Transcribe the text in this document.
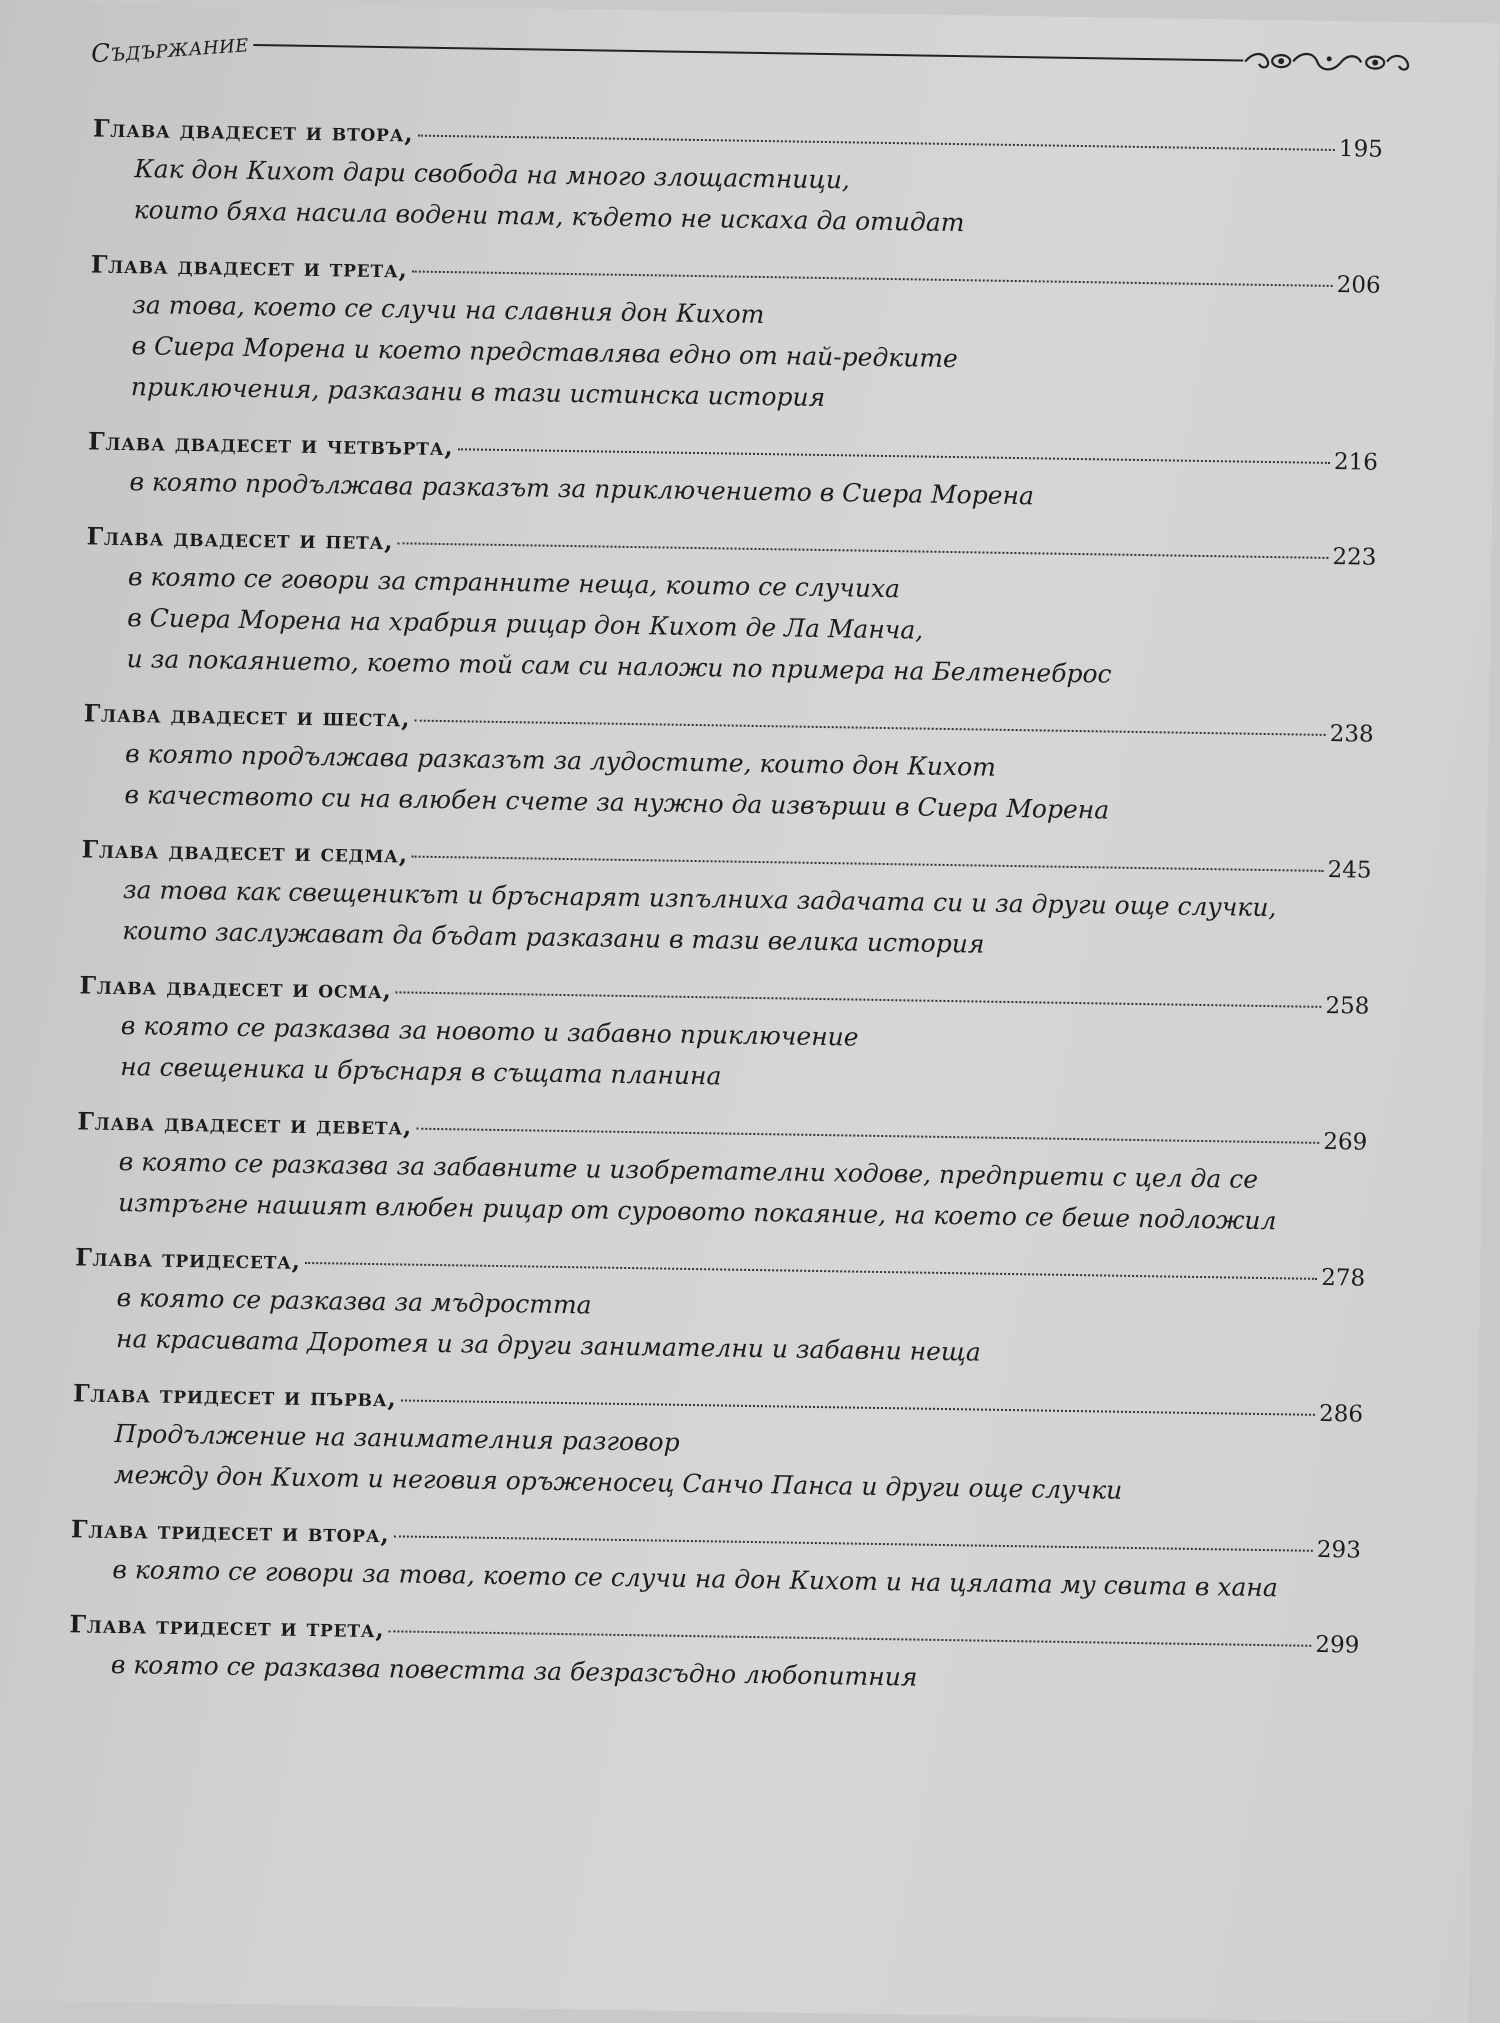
Съдържание
Глава двадесет и втора,
195
Как дон Кихот дари свобода на много злощастници,
които бяха насила водени там, където не искаха да отидат
Глава двадесет и трета,
206
за това, което се случи на славния дон Кихот
в Сиера Морена и което представлява едно от най-редките
приключения, разказани в тази истинска история
Глава двадесет и четвърта,
216
в която продължава разказът за приключението в Сиера Морена
Глава двадесет и пета,
223
в която се говори за странните неща, които се случиха
в Сиера Морена на храбрия рицар дон Кихот де Ла Манча,
и за покаянието, което той сам си наложи по примера на Белтенеброс
Глава двадесет и шеста,
238
в която продължава разказът за лудостите, които дон Кихот
в качеството си на влюбен счете за нужно да извърши в Сиера Морена
Глава двадесет и седма,
245
за това как свещеникът и бръснарят изпълниха задачата си и за други още случки,
които заслужават да бъдат разказани в тази велика история
Глава двадесет и осма,
258
в която се разказва за новото и забавно приключение
на свещеника и бръснаря в същата планина
Глава двадесет и девета,
269
в която се разказва за забавните и изобретателни ходове, предприети с цел да се
изтръгне нашият влюбен рицар от суровото покаяние, на което се беше подложил
Глава тридесета,
278
в която се разказва за мъдростта
на красивата Доротея и за други занимателни и забавни неща
Глава тридесет и първа,
286
Продължение на занимателния разговор
между дон Кихот и неговия оръженосец Санчо Панса и други още случки
Глава тридесет и втора,
293
в която се говори за това, което се случи на дон Кихот и на цялата му свита в хана
Глава тридесет и трета,
299
в която се разказва повестта за безразсъдно любопитния
